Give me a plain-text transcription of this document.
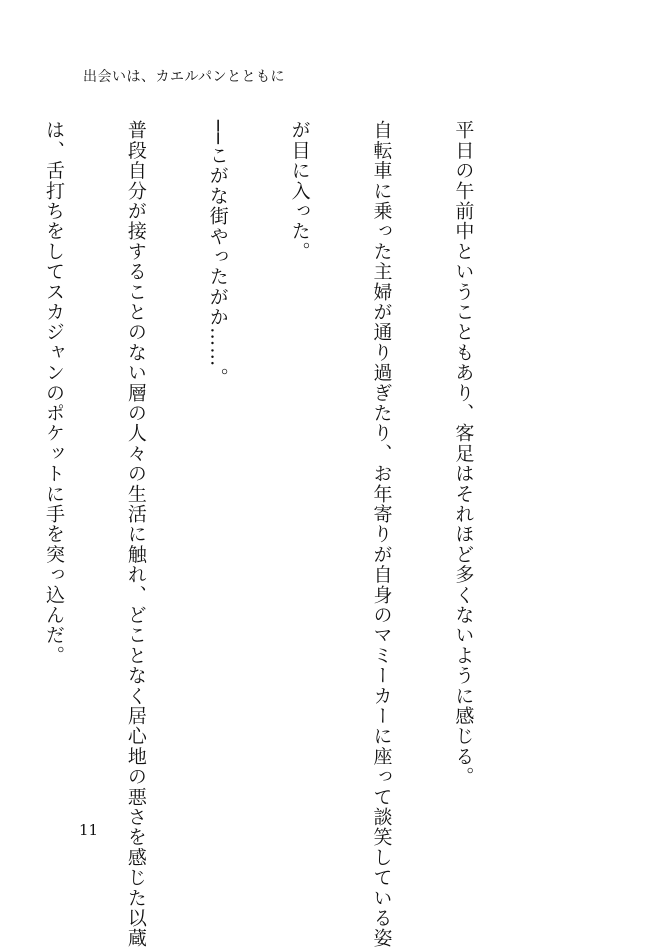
出会いは、カエルパンとともに

平日の午前中ということもあり、客足はそれほど多くないように感じる。

自転車に乗った主婦が通り過ぎたり、お年寄りが自身のマミーカーに座って談笑している姿

が目に入った。

──こがな街やったがか……。

普段自分が接することのない層の人々の生活に触れ、どことなく居心地の悪さを感じた以蔵

は、舌打ちをしてスカジャンのポケットに手を突っ込んだ。

11
